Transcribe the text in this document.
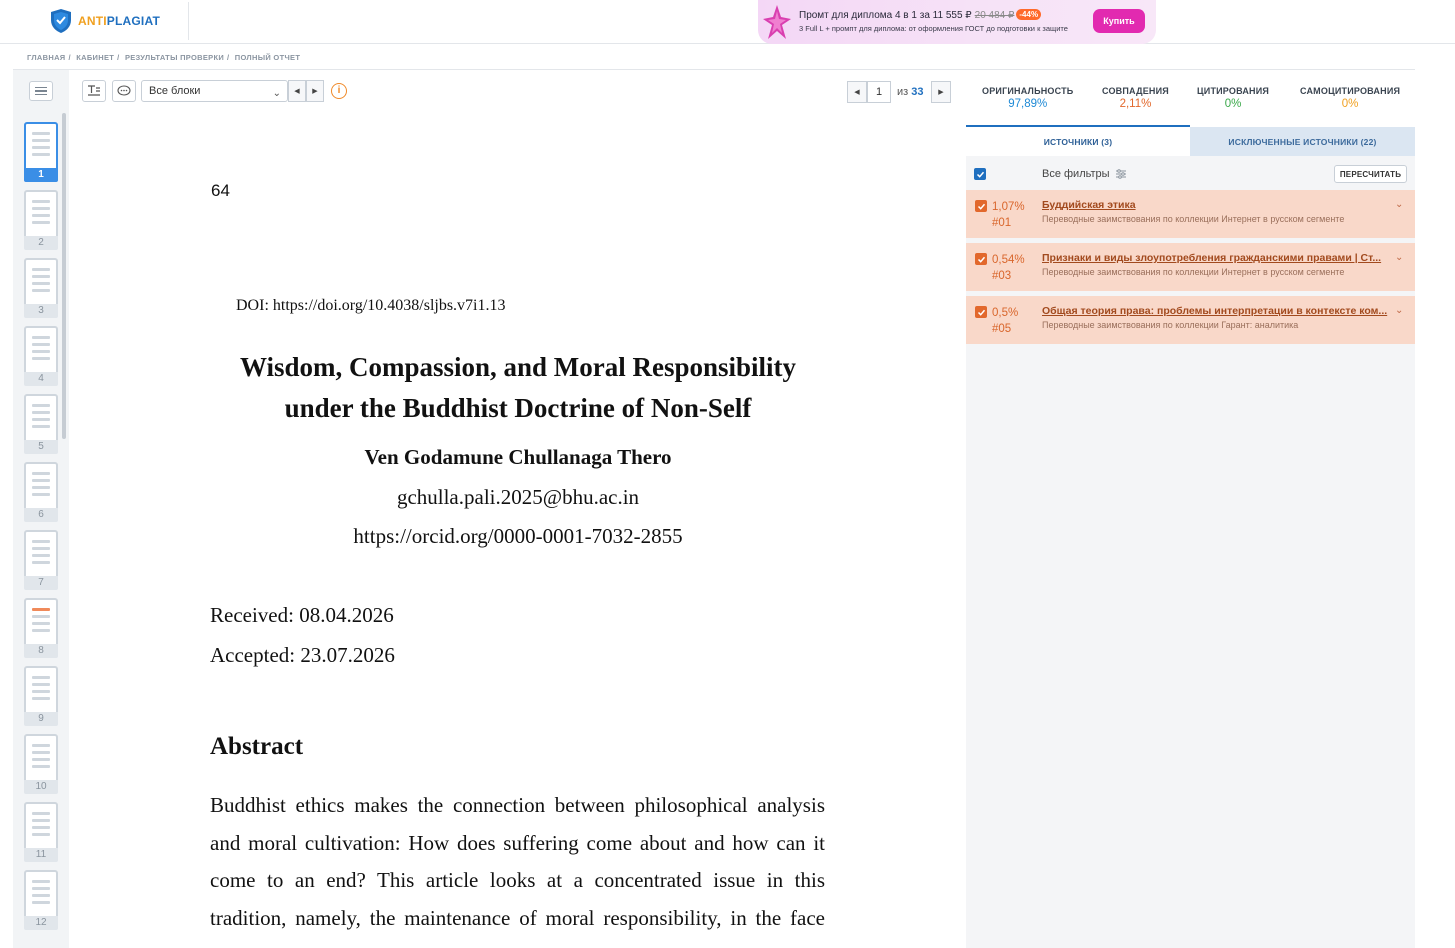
ANTIPLAGIAT	Промт для диплома 4 в 1 за 11 555 ₽ 20 484 ₽ -44%
3 Full L + промпт для диплома: от оформления ГОСТ до подготовки к защите
Купить
ГЛАВНАЯ / КАБИНЕТ / РЕЗУЛЬТАТЫ ПРОВЕРКИ / ПОЛНЫЙ ОТЧЕТ
1
2
3
4
5
6
7
8
9
10
11
12
Все блоки	⌄	◀	▶	i	◀	1	из 33	▶
64
DOI: https://doi.org/10.4038/sljbs.v7i1.13
Wisdom, Compassion, and Moral Responsibility
under the Buddhist Doctrine of Non-Self
Ven Godamune Chullanaga Thero
gchulla.pali.2025@bhu.ac.in
https://orcid.org/0000-0001-7032-2855
Received: 08.04.2026
Accepted: 23.07.2026
Abstract
Buddhist ethics makes the connection between philosophical analysis
and moral cultivation: How does suffering come about and how can it
come to an end? This article looks at a concentrated issue in this
tradition, namely, the maintenance of moral responsibility, in the face
ОРИГИНАЛЬНОСТЬ
97,89%
СОВПАДЕНИЯ
2,11%
ЦИТИРОВАНИЯ
0%
САМОЦИТИРОВАНИЯ
0%
ИСТОЧНИКИ (3)	ИСКЛЮЧЕННЫЕ ИСТОЧНИКИ (22)
Все фильтры	ПЕРЕСЧИТАТЬ
1,07%
#01
Буддийская этика
Переводные заимствования по коллекции Интернет в русском сегменте
⌄
0,54%
#03
Признаки и виды злоупотребления гражданскими правами | Ст...
Переводные заимствования по коллекции Интернет в русском сегменте
⌄
0,5%
#05
Общая теория права: проблемы интерпретации в контексте ком...
Переводные заимствования по коллекции Гарант: аналитика
⌄
